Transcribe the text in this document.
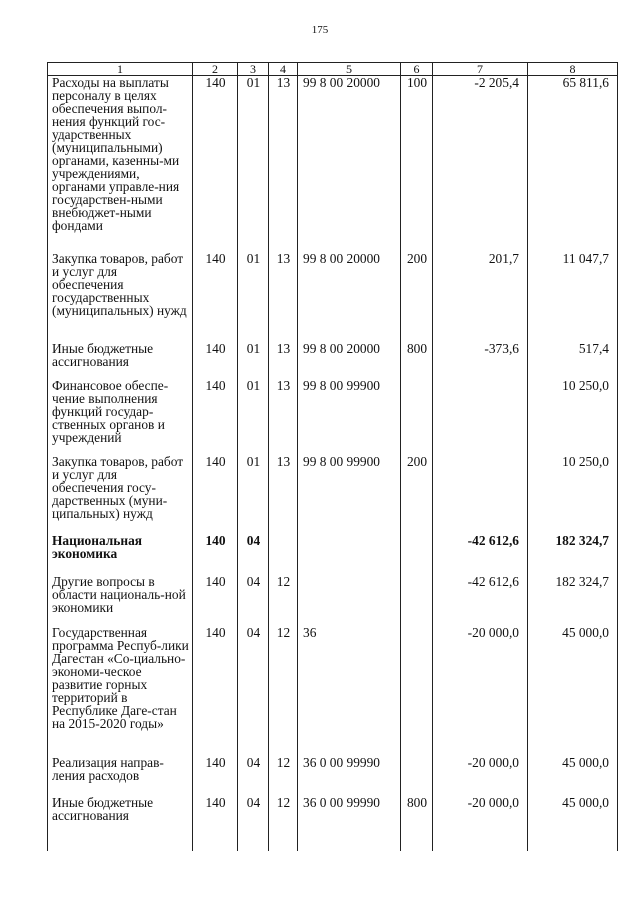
175
1	2	3	4	5	6	7	8
Расходы на выплаты персоналу в целях обеспечения выпол-нения функций гос-ударственных (муниципальными) органами, казенны-ми учреждениями, органами управле-ния государствен-ными внебюджет-ными фондами	140	01	13	99 8 00 20000	100	-2 205,4	65 811,6
Закупка товаров, работ и услуг для обеспечения государственных (муниципальных) нужд	140	01	13	99 8 00 20000	200	201,7	11 047,7
Иные бюджетные ассигнования	140	01	13	99 8 00 20000	800	-373,6	517,4
Финансовое обеспе-чение выполнения функций государ-ственных органов и учреждений	140	01	13	99 8 00 99900			10 250,0
Закупка товаров, работ и услуг для обеспечения госу-дарственных (муни-ципальных) нужд	140	01	13	99 8 00 99900	200		10 250,0
Национальная экономика	140	04				-42 612,6	182 324,7
Другие вопросы в области националь-ной экономики	140	04	12			-42 612,6	182 324,7
Государственная программа Респуб-лики Дагестан «Со-циально-экономи-ческое развитие горных территорий в Республике Даге-стан на 2015-2020 годы»	140	04	12	36		-20 000,0	45 000,0
Реализация направ-ления расходов	140	04	12	36 0 00 99990		-20 000,0	45 000,0
Иные бюджетные ассигнования	140	04	12	36 0 00 99990	800	-20 000,0	45 000,0
